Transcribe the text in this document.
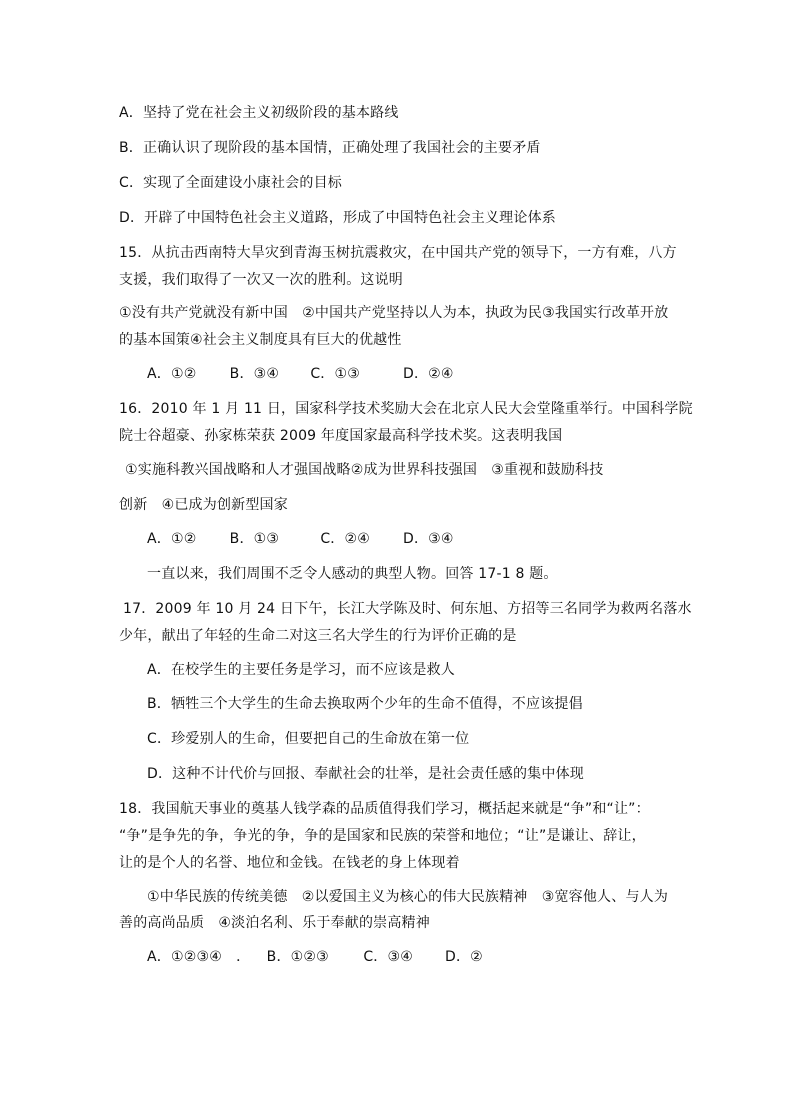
A．坚持了党在社会主义初级阶段的基本路线
B．正确认识了现阶段的基本国情，正确处理了我国社会的主要矛盾
C．实现了全面建设小康社会的目标
D．开辟了中国特色社会主义道路，形成了中国特色社会主义理论体系
15．从抗击西南特大旱灾到青海玉树抗震救灾，在中国共产党的领导下，一方有难，八方
支援，我们取得了一次又一次的胜利。这说明
①没有共产党就没有新中国　②中国共产党坚持以人为本，执政为民③我国实行改革开放
的基本国策④社会主义制度具有巨大的优越性
A．①② B．③④ C．①③	D．②④
16．2010 年 1 月 11 日，国家科学技术奖励大会在北京人民大会堂隆重举行。中国科学院
院士谷超豪、孙家栋荣获 2009 年度国家最高科学技术奖。这表明我国
①实施科教兴国战略和人才强国战略②成为世界科技强国　③重视和鼓励科技
创新　④已成为创新型国家
A．①② B．①③	C．②④ D．③④
一直以来，我们周围不乏令人感动的典型人物。回答 17-1 8 题。
17．2009 年 10 月 24 日下午，长江大学陈及时、何东旭、方招等三名同学为救两名落水
少年，献出了年轻的生命二对这三名大学生的行为评价正确的是
A．在校学生的主要任务是学习，而不应该是救人
B．牺牲三个大学生的生命去换取两个少年的生命不值得，不应该提倡
C．珍爱别人的生命，但要把自己的生命放在第一位
D．这种不计代价与回报、奉献社会的壮举，是社会责任感的集中体现
18．我国航天事业的奠基人钱学森的品质值得我们学习，概括起来就是“争”和“让”：
“争”是争先的争，争光的争，争的是国家和民族的荣誉和地位；“让”是谦让、辞让，
让的是个人的名誉、地位和金钱。在钱老的身上体现着
①中华民族的传统美德　②以爱国主义为核心的伟大民族精神　③宽容他人、与人为
善的高尚品质　④淡泊名利、乐于奉献的崇高精神
A．①②③④　． B．①②③ C．③④ D．②
